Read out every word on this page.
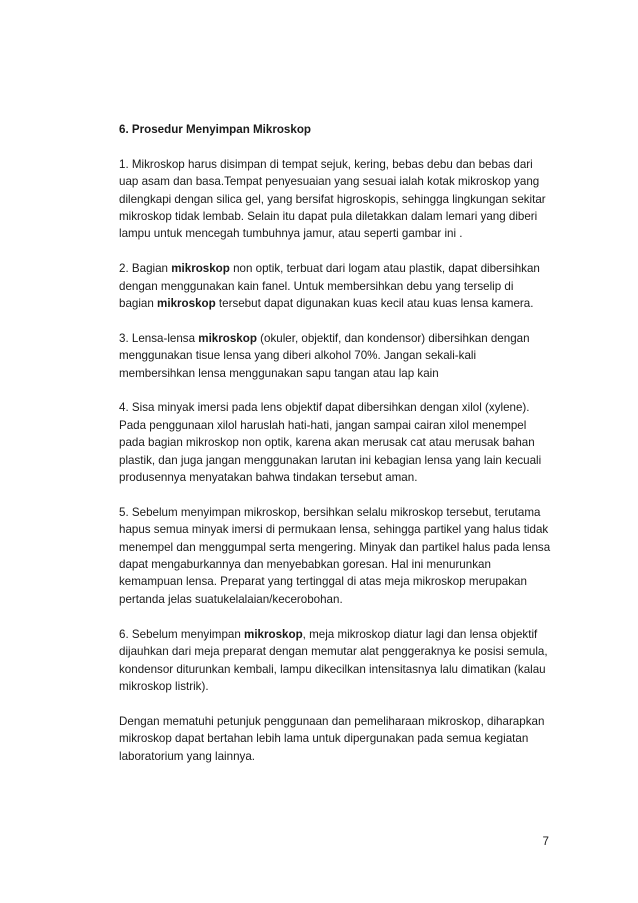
6. Prosedur Menyimpan Mikroskop
1. Mikroskop harus disimpan di tempat sejuk, kering, bebas debu dan bebas dari uap asam dan basa.Tempat penyesuaian yang sesuai ialah kotak mikroskop yang dilengkapi dengan silica gel, yang bersifat higroskopis, sehingga lingkungan sekitar mikroskop tidak lembab. Selain itu dapat pula diletakkan dalam lemari yang diberi lampu untuk mencegah tumbuhnya jamur, atau seperti gambar ini .
2. Bagian mikroskop non optik, terbuat dari logam atau plastik, dapat dibersihkan dengan menggunakan kain fanel. Untuk membersihkan debu yang terselip di bagian mikroskop tersebut dapat digunakan kuas kecil atau kuas lensa kamera.
3. Lensa-lensa mikroskop (okuler, objektif, dan kondensor) dibersihkan dengan menggunakan tisue lensa yang diberi alkohol 70%. Jangan sekali-kali membersihkan lensa menggunakan sapu tangan atau lap kain
4. Sisa minyak imersi pada lens objektif dapat dibersihkan dengan xilol (xylene). Pada penggunaan xilol haruslah hati-hati, jangan sampai cairan xilol menempel pada bagian mikroskop non optik, karena akan merusak cat atau merusak bahan plastik, dan juga jangan menggunakan larutan ini kebagian lensa yang lain kecuali produsennya menyatakan bahwa tindakan tersebut aman.
5. Sebelum menyimpan mikroskop, bersihkan selalu mikroskop tersebut, terutama hapus semua minyak imersi di permukaan lensa, sehingga partikel yang halus tidak menempel dan menggumpal serta mengering. Minyak dan partikel halus pada lensa dapat mengaburkannya dan menyebabkan goresan. Hal ini menurunkan kemampuan lensa. Preparat yang tertinggal di atas meja mikroskop merupakan pertanda jelas suatukelalaian/kecerobohan.
6. Sebelum menyimpan mikroskop, meja mikroskop diatur lagi dan lensa objektif dijauhkan dari meja preparat dengan memutar alat penggeraknya ke posisi semula, kondensor diturunkan kembali, lampu dikecilkan intensitasnya lalu dimatikan (kalau mikroskop listrik).
Dengan mematuhi petunjuk penggunaan dan pemeliharaan mikroskop, diharapkan mikroskop dapat bertahan lebih lama untuk dipergunakan pada semua kegiatan laboratorium yang lainnya.
7
